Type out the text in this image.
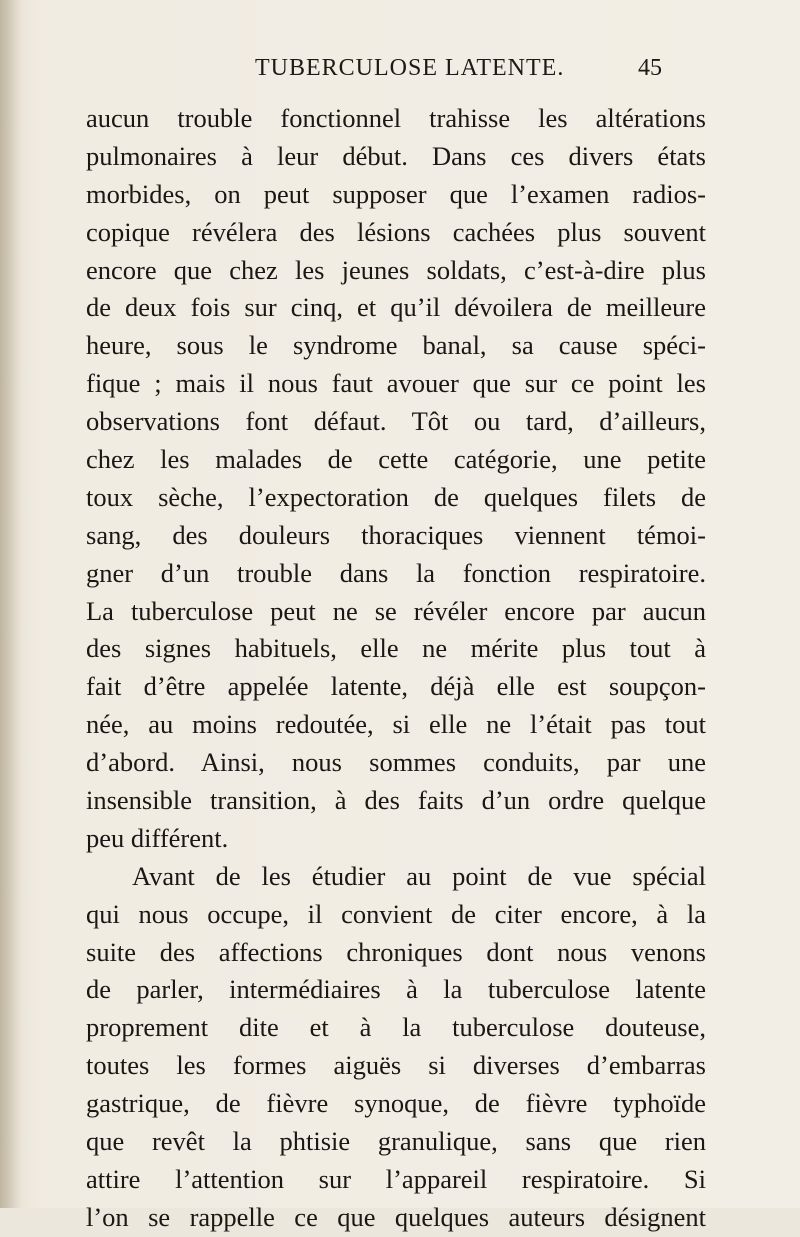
TUBERCULOSE LATENTE.	45
aucun trouble fonctionnel trahisse les altérations
pulmonaires à leur début. Dans ces divers états
morbides, on peut supposer que l’examen radios-
copique révélera des lésions cachées plus souvent
encore que chez les jeunes soldats, c’est-à-dire plus
de deux fois sur cinq, et qu’il dévoilera de meilleure
heure, sous le syndrome banal, sa cause spéci-
fique ; mais il nous faut avouer que sur ce point les
observations font défaut. Tôt ou tard, d’ailleurs,
chez les malades de cette catégorie, une petite
toux sèche, l’expectoration de quelques filets de
sang, des douleurs thoraciques viennent témoi-
gner d’un trouble dans la fonction respiratoire.
La tuberculose peut ne se révéler encore par aucun
des signes habituels, elle ne mérite plus tout à
fait d’être appelée latente, déjà elle est soupçon-
née, au moins redoutée, si elle ne l’était pas tout
d’abord. Ainsi, nous sommes conduits, par une
insensible transition, à des faits d’un ordre quelque
peu différent.
Avant de les étudier au point de vue spécial
qui nous occupe, il convient de citer encore, à la
suite des affections chroniques dont nous venons
de parler, intermédiaires à la tuberculose latente
proprement dite et à la tuberculose douteuse,
toutes les formes aiguës si diverses d’embarras
gastrique, de fièvre synoque, de fièvre typhoïde
que revêt la phtisie granulique, sans que rien
attire l’attention sur l’appareil respiratoire. Si
l’on se rappelle ce que quelques auteurs désignent
